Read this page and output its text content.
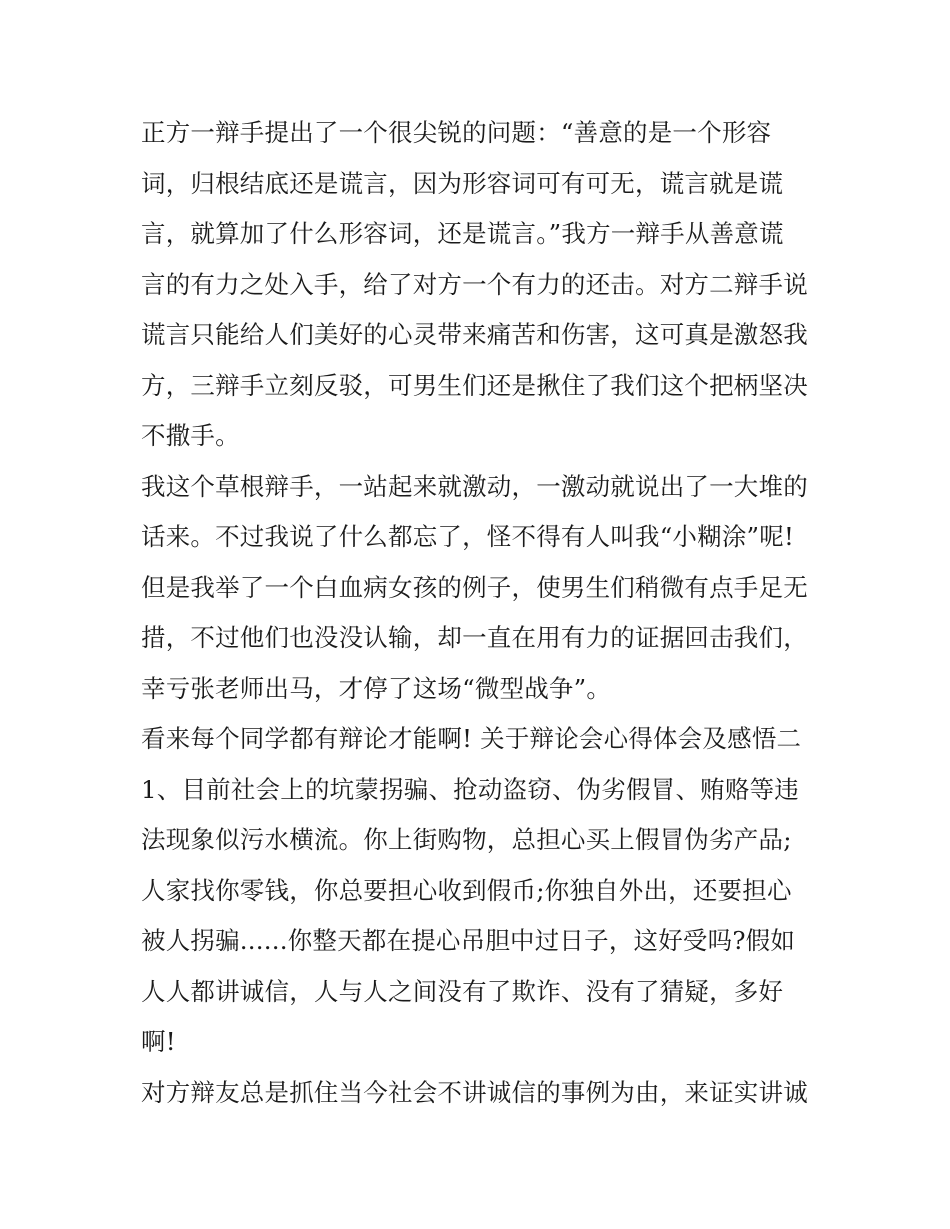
正方一辩手提出了一个很尖锐的问题：“善意的是一个形容
词，归根结底还是谎言，因为形容词可有可无，谎言就是谎
言，就算加了什么形容词，还是谎言。”我方一辩手从善意谎
言的有力之处入手，给了对方一个有力的还击。对方二辩手说
谎言只能给人们美好的心灵带来痛苦和伤害，这可真是激怒我
方，三辩手立刻反驳，可男生们还是揪住了我们这个把柄坚决
不撒手。
我这个草根辩手，一站起来就激动，一激动就说出了一大堆的
话来。不过我说了什么都忘了，怪不得有人叫我“小糊涂”呢!
但是我举了一个白血病女孩的例子，使男生们稍微有点手足无
措，不过他们也没没认输，却一直在用有力的证据回击我们，
幸亏张老师出马，才停了这场“微型战争”。
看来每个同学都有辩论才能啊! 关于辩论会心得体会及感悟二
1、目前社会上的坑蒙拐骗、抢动盗窃、伪劣假冒、贿赂等违
法现象似污水横流。你上街购物，总担心买上假冒伪劣产品;
人家找你零钱，你总要担心收到假币;你独自外出，还要担心
被人拐骗......你整天都在提心吊胆中过日子，这好受吗?假如
人人都讲诚信，人与人之间没有了欺诈、没有了猜疑，多好
啊!
对方辩友总是抓住当今社会不讲诚信的事例为由，来证实讲诚
